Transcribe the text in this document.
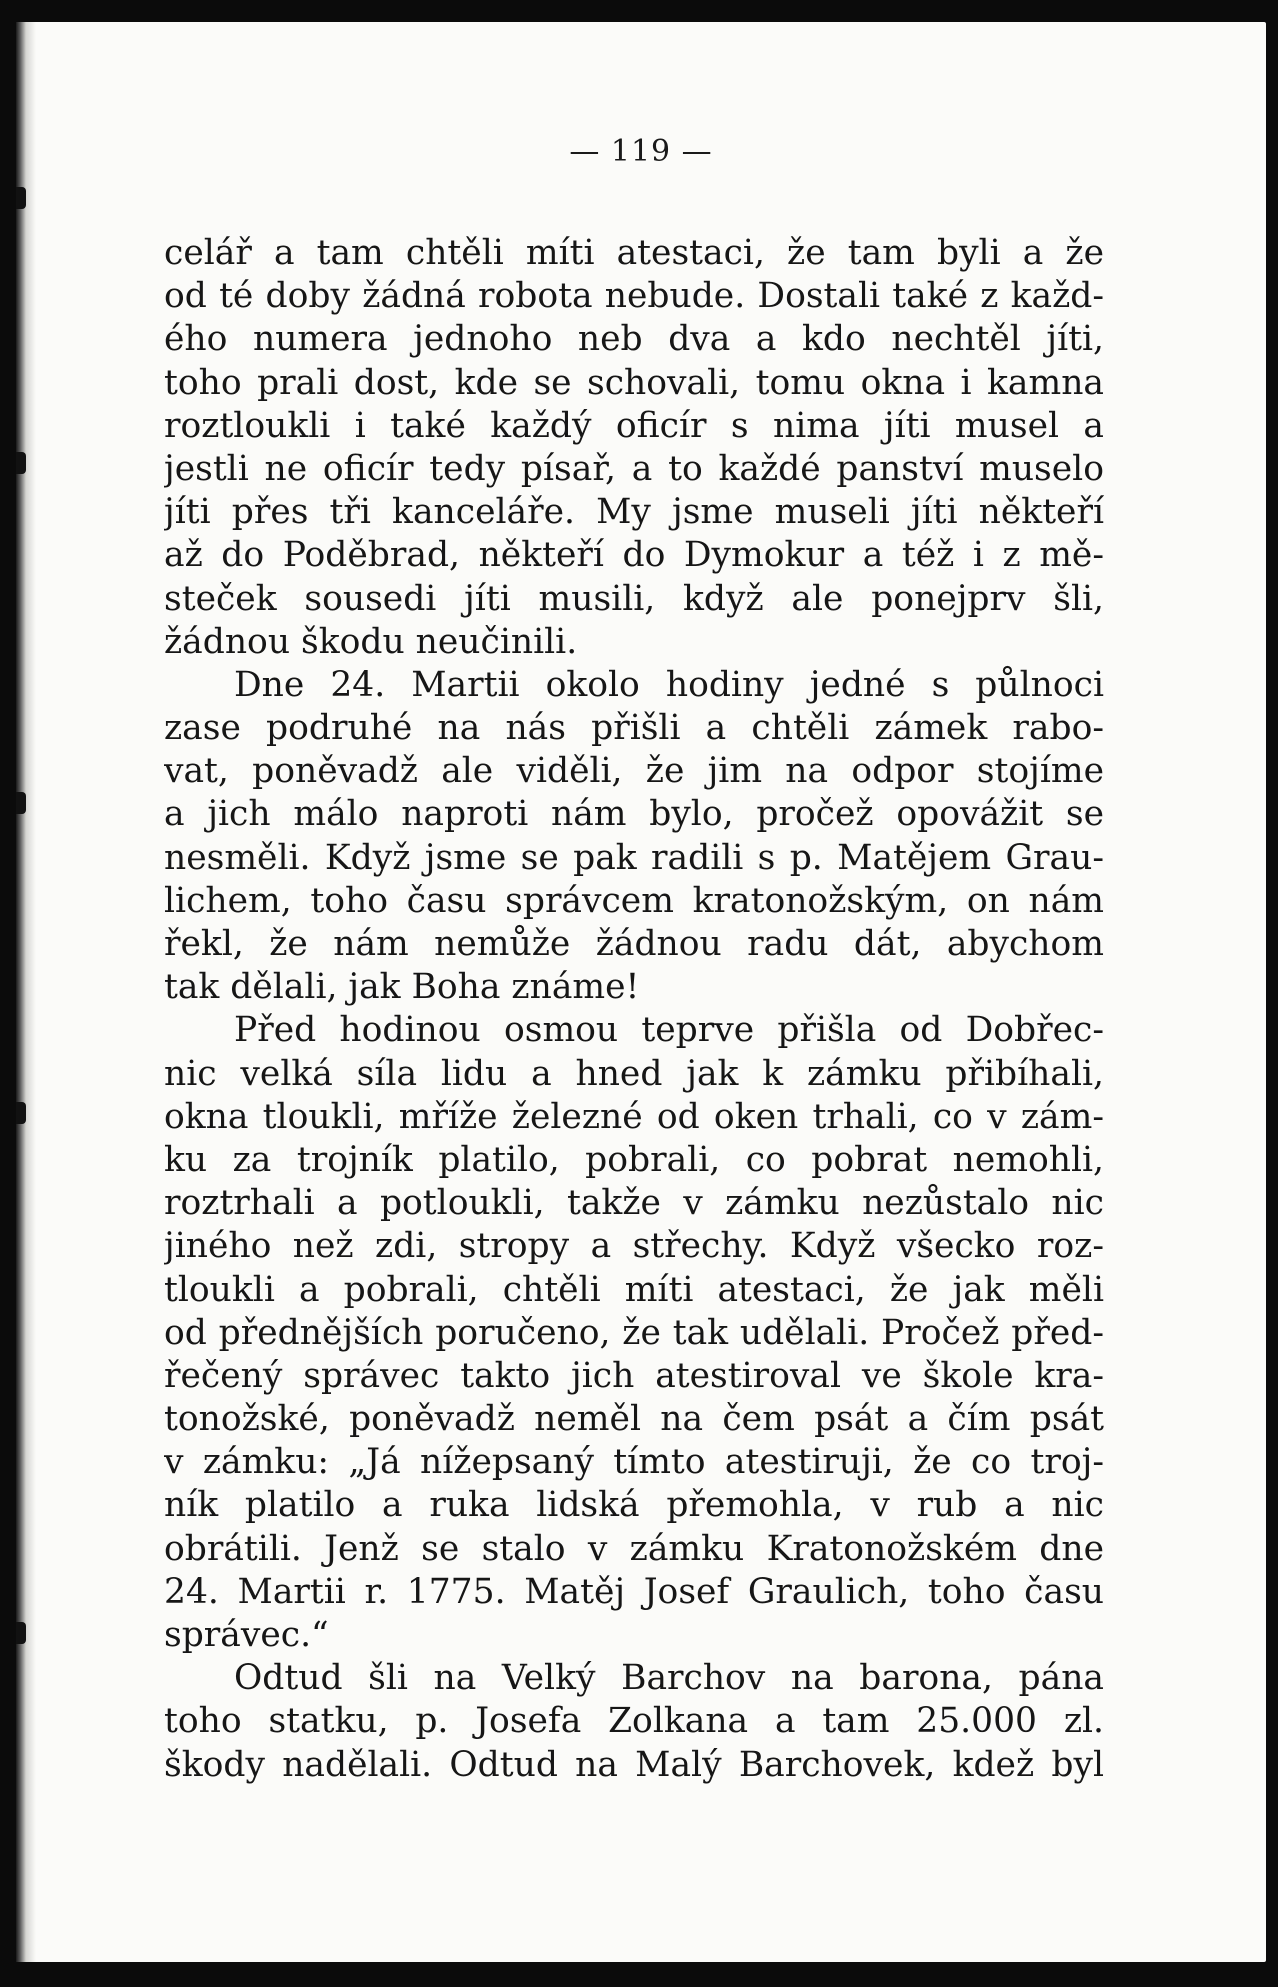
— 119 —
celář a tam chtěli míti atestaci, že tam byli a že
od té doby žádná robota nebude. Dostali také z každ-
ého numera jednoho neb dva a kdo nechtěl jíti,
toho prali dost, kde se schovali, tomu okna i kamna
roztloukli i také každý oficír s nima jíti musel a
jestli ne oficír tedy písař, a to každé panství muselo
jíti přes tři kanceláře. My jsme museli jíti někteří
až do Poděbrad, někteří do Dymokur a též i z mě-
steček sousedi jíti musili, když ale ponejprv šli,
žádnou škodu neučinili.
Dne 24. Martii okolo hodiny jedné s půlnoci
zase podruhé na nás přišli a chtěli zámek rabo-
vat, poněvadž ale viděli, že jim na odpor stojíme
a jich málo naproti nám bylo, pročež opovážit se
nesměli. Když jsme se pak radili s p. Matějem Grau-
lichem, toho času správcem kratonožským, on nám
řekl, že nám nemůže žádnou radu dát, abychom
tak dělali, jak Boha známe!
Před hodinou osmou teprve přišla od Dobřec-
nic velká síla lidu a hned jak k zámku přibíhali,
okna tloukli, mříže železné od oken trhali, co v zám-
ku za trojník platilo, pobrali, co pobrat nemohli,
roztrhali a potloukli, takže v zámku nezůstalo nic
jiného než zdi, stropy a střechy. Když všecko roz-
tloukli a pobrali, chtěli míti atestaci, že jak měli
od přednějších poručeno, že tak udělali. Pročež před-
řečený správec takto jich atestiroval ve škole kra-
tonožské, poněvadž neměl na čem psát a čím psát
v zámku: „Já nížepsaný tímto atestiruji, že co troj-
ník platilo a ruka lidská přemohla, v rub a nic
obrátili. Jenž se stalo v zámku Kratonožském dne
24. Martii r. 1775. Matěj Josef Graulich, toho času
správec.“
Odtud šli na Velký Barchov na barona, pána
toho statku, p. Josefa Zolkana a tam 25.000 zl.
škody nadělali. Odtud na Malý Barchovek, kdež byl
